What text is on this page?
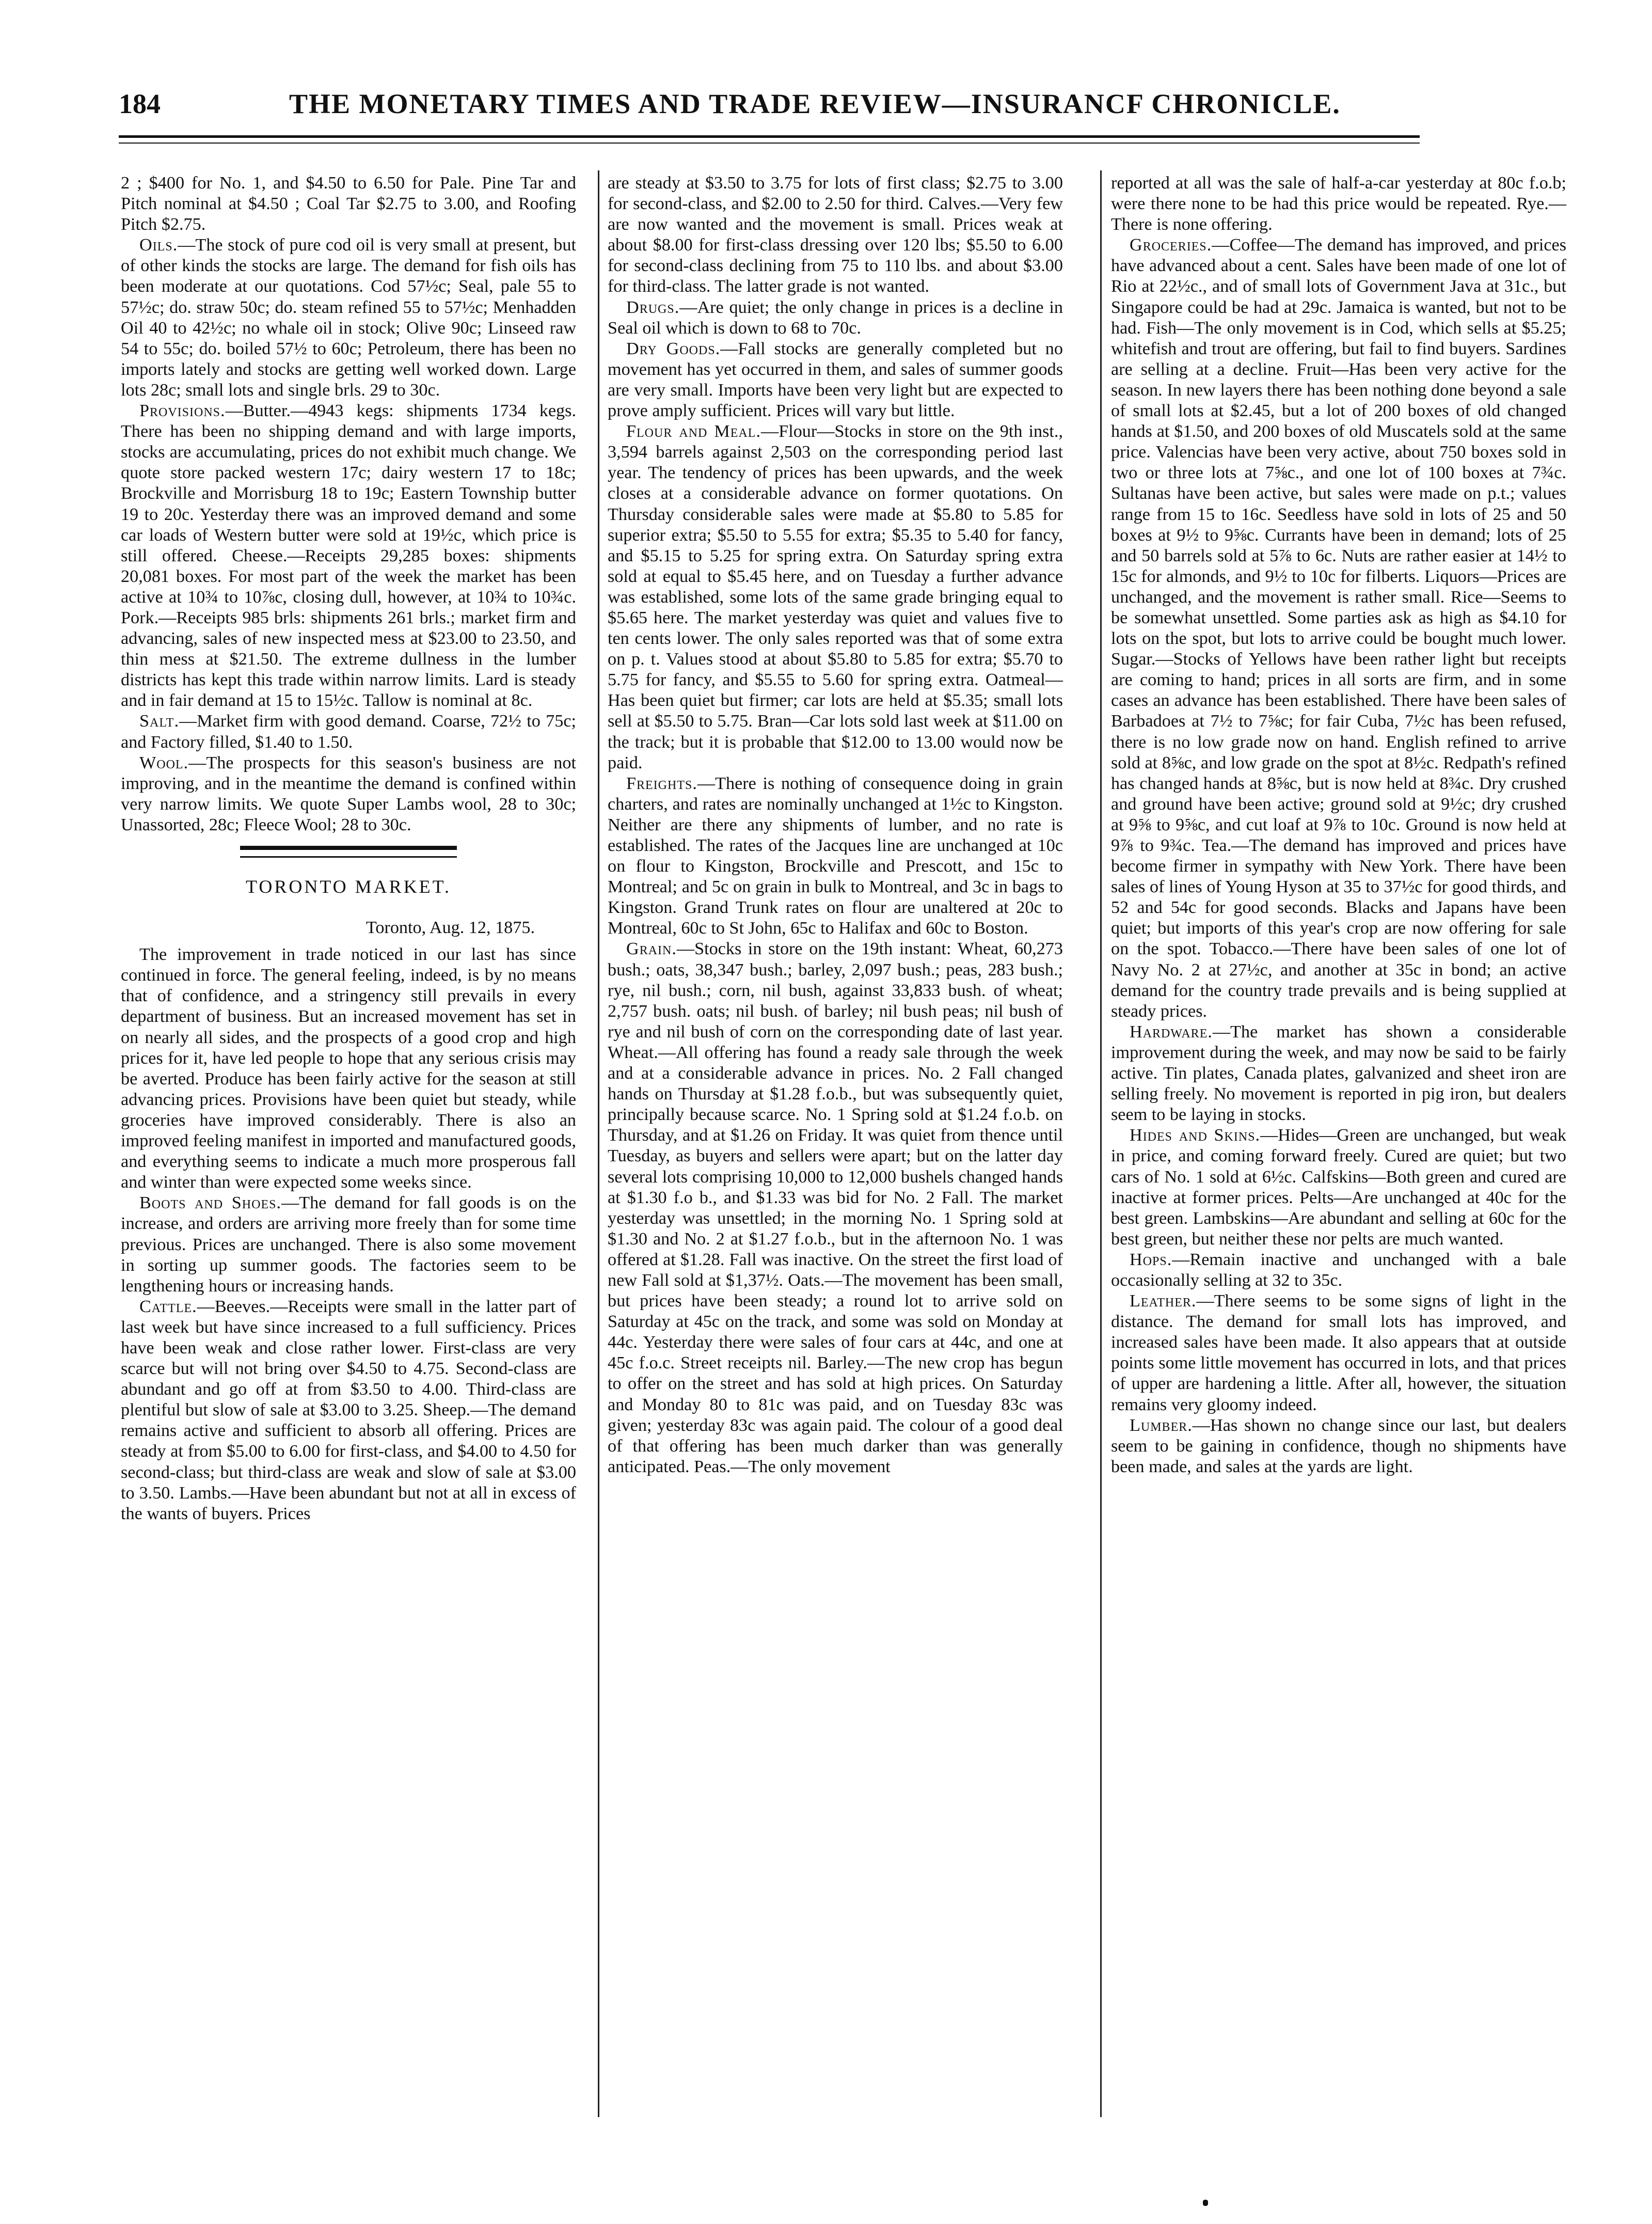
184	THE MONETARY TIMES AND TRADE REVIEW—INSURANCF CHRONICLE.

2 ; $400 for No. 1, and $4.50 to 6.50 for Pale. Pine Tar and Pitch nominal at $4.50 ; Coal Tar $2.75 to 3.00, and Roofing Pitch $2.75.

Oils.—The stock of pure cod oil is very small at present, but of other kinds the stocks are large. The demand for fish oils has been moderate at our quotations. Cod 57½c; Seal, pale 55 to 57½c; do. straw 50c; do. steam refined 55 to 57½c; Menhadden Oil 40 to 42½c; no whale oil in stock; Olive 90c; Linseed raw 54 to 55c; do. boiled 57½ to 60c; Petroleum, there has been no imports lately and stocks are getting well worked down. Large lots 28c; small lots and single brls. 29 to 30c.

Provisions.—Butter.—4943 kegs: shipments 1734 kegs. There has been no shipping demand and with large imports, stocks are accumulating, prices do not exhibit much change. We quote store packed western 17c; dairy western 17 to 18c; Brockville and Morrisburg 18 to 19c; Eastern Township butter 19 to 20c. Yesterday there was an improved demand and some car loads of Western butter were sold at 19½c, which price is still offered. Cheese.—Receipts 29,285 boxes: shipments 20,081 boxes. For most part of the week the market has been active at 10¾ to 10⅞c, closing dull, however, at 10¾ to 10¾c. Pork.—Receipts 985 brls: shipments 261 brls.; market firm and advancing, sales of new inspected mess at $23.00 to 23.50, and thin mess at $21.50. The extreme dullness in the lumber districts has kept this trade within narrow limits. Lard is steady and in fair demand at 15 to 15½c. Tallow is nominal at 8c.

Salt.—Market firm with good demand. Coarse, 72½ to 75c; and Factory filled, $1.40 to 1.50.

Wool.—The prospects for this season's business are not improving, and in the meantime the demand is confined within very narrow limits. We quote Super Lambs wool, 28 to 30c; Unassorted, 28c; Fleece Wool; 28 to 30c.

TORONTO MARKET.

Toronto, Aug. 12, 1875.

The improvement in trade noticed in our last has since continued in force. The general feeling, indeed, is by no means that of confidence, and a stringency still prevails in every department of business. But an increased movement has set in on nearly all sides, and the prospects of a good crop and high prices for it, have led people to hope that any serious crisis may be averted. Produce has been fairly active for the season at still advancing prices. Provisions have been quiet but steady, while groceries have improved considerably. There is also an improved feeling manifest in imported and manufactured goods, and everything seems to indicate a much more prosperous fall and winter than were expected some weeks since.

Boots and Shoes.—The demand for fall goods is on the increase, and orders are arriving more freely than for some time previous. Prices are unchanged. There is also some movement in sorting up summer goods. The factories seem to be lengthening hours or increasing hands.

Cattle.—Beeves.—Receipts were small in the latter part of last week but have since increased to a full sufficiency. Prices have been weak and close rather lower. First-class are very scarce but will not bring over $4.50 to 4.75. Second-class are abundant and go off at from $3.50 to 4.00. Third-class are plentiful but slow of sale at $3.00 to 3.25. Sheep.—The demand remains active and sufficient to absorb all offering. Prices are steady at from $5.00 to 6.00 for first-class, and $4.00 to 4.50 for second-class; but third-class are weak and slow of sale at $3.00 to 3.50. Lambs.—Have been abundant but not at all in excess of the wants of buyers. Prices

are steady at $3.50 to 3.75 for lots of first class; $2.75 to 3.00 for second-class, and $2.00 to 2.50 for third. Calves.—Very few are now wanted and the movement is small. Prices weak at about $8.00 for first-class dressing over 120 lbs; $5.50 to 6.00 for second-class declining from 75 to 110 lbs. and about $3.00 for third-class. The latter grade is not wanted.

Drugs.—Are quiet; the only change in prices is a decline in Seal oil which is down to 68 to 70c.

Dry Goods.—Fall stocks are generally completed but no movement has yet occurred in them, and sales of summer goods are very small. Imports have been very light but are expected to prove amply sufficient. Prices will vary but little.

Flour and Meal.—Flour—Stocks in store on the 9th inst., 3,594 barrels against 2,503 on the corresponding period last year. The tendency of prices has been upwards, and the week closes at a considerable advance on former quotations. On Thursday considerable sales were made at $5.80 to 5.85 for superior extra; $5.50 to 5.55 for extra; $5.35 to 5.40 for fancy, and $5.15 to 5.25 for spring extra. On Saturday spring extra sold at equal to $5.45 here, and on Tuesday a further advance was established, some lots of the same grade bringing equal to $5.65 here. The market yesterday was quiet and values five to ten cents lower. The only sales reported was that of some extra on p. t. Values stood at about $5.80 to 5.85 for extra; $5.70 to 5.75 for fancy, and $5.55 to 5.60 for spring extra. Oatmeal—Has been quiet but firmer; car lots are held at $5.35; small lots sell at $5.50 to 5.75. Bran—Car lots sold last week at $11.00 on the track; but it is probable that $12.00 to 13.00 would now be paid.

Freights.—There is nothing of consequence doing in grain charters, and rates are nominally unchanged at 1½c to Kingston. Neither are there any shipments of lumber, and no rate is established. The rates of the Jacques line are unchanged at 10c on flour to Kingston, Brockville and Prescott, and 15c to Montreal; and 5c on grain in bulk to Montreal, and 3c in bags to Kingston. Grand Trunk rates on flour are unaltered at 20c to Montreal, 60c to St John, 65c to Halifax and 60c to Boston.

Grain.—Stocks in store on the 19th instant: Wheat, 60,273 bush.; oats, 38,347 bush.; barley, 2,097 bush.; peas, 283 bush.; rye, nil bush.; corn, nil bush, against 33,833 bush. of wheat; 2,757 bush. oats; nil bush. of barley; nil bush peas; nil bush of rye and nil bush of corn on the corresponding date of last year. Wheat.—All offering has found a ready sale through the week and at a considerable advance in prices. No. 2 Fall changed hands on Thursday at $1.28 f.o.b., but was subsequently quiet, principally because scarce. No. 1 Spring sold at $1.24 f.o.b. on Thursday, and at $1.26 on Friday. It was quiet from thence until Tuesday, as buyers and sellers were apart; but on the latter day several lots comprising 10,000 to 12,000 bushels changed hands at $1.30 f.o b., and $1.33 was bid for No. 2 Fall. The market yesterday was unsettled; in the morning No. 1 Spring sold at $1.30 and No. 2 at $1.27 f.o.b., but in the afternoon No. 1 was offered at $1.28. Fall was inactive. On the street the first load of new Fall sold at $1,37½. Oats.—The movement has been small, but prices have been steady; a round lot to arrive sold on Saturday at 45c on the track, and some was sold on Monday at 44c. Yesterday there were sales of four cars at 44c, and one at 45c f.o.c. Street receipts nil. Barley.—The new crop has begun to offer on the street and has sold at high prices. On Saturday and Monday 80 to 81c was paid, and on Tuesday 83c was given; yesterday 83c was again paid. The colour of a good deal of that offering has been much darker than was generally anticipated. Peas.—The only movement

reported at all was the sale of half-a-car yesterday at 80c f.o.b; were there none to be had this price would be repeated. Rye.—There is none offering.

Groceries.—Coffee—The demand has improved, and prices have advanced about a cent. Sales have been made of one lot of Rio at 22½c., and of small lots of Government Java at 31c., but Singapore could be had at 29c. Jamaica is wanted, but not to be had. Fish—The only movement is in Cod, which sells at $5.25; whitefish and trout are offering, but fail to find buyers. Sardines are selling at a decline. Fruit—Has been very active for the season. In new layers there has been nothing done beyond a sale of small lots at $2.45, but a lot of 200 boxes of old changed hands at $1.50, and 200 boxes of old Muscatels sold at the same price. Valencias have been very active, about 750 boxes sold in two or three lots at 7⅝c., and one lot of 100 boxes at 7¾c. Sultanas have been active, but sales were made on p.t.; values range from 15 to 16c. Seedless have sold in lots of 25 and 50 boxes at 9½ to 9⅝c. Currants have been in demand; lots of 25 and 50 barrels sold at 5⅞ to 6c. Nuts are rather easier at 14½ to 15c for almonds, and 9½ to 10c for filberts. Liquors—Prices are unchanged, and the movement is rather small. Rice—Seems to be somewhat unsettled. Some parties ask as high as $4.10 for lots on the spot, but lots to arrive could be bought much lower. Sugar.—Stocks of Yellows have been rather light but receipts are coming to hand; prices in all sorts are firm, and in some cases an advance has been established. There have been sales of Barbadoes at 7½ to 7⅝c; for fair Cuba, 7½c has been refused, there is no low grade now on hand. English refined to arrive sold at 8⅝c, and low grade on the spot at 8½c. Redpath's refined has changed hands at 8⅝c, but is now held at 8¾c. Dry crushed and ground have been active; ground sold at 9½c; dry crushed at 9⅝ to 9⅝c, and cut loaf at 9⅞ to 10c. Ground is now held at 9⅞ to 9¾c. Tea.—The demand has improved and prices have become firmer in sympathy with New York. There have been sales of lines of Young Hyson at 35 to 37½c for good thirds, and 52 and 54c for good seconds. Blacks and Japans have been quiet; but imports of this year's crop are now offering for sale on the spot. Tobacco.—There have been sales of one lot of Navy No. 2 at 27½c, and another at 35c in bond; an active demand for the country trade prevails and is being supplied at steady prices.

Hardware.—The market has shown a considerable improvement during the week, and may now be said to be fairly active. Tin plates, Canada plates, galvanized and sheet iron are selling freely. No movement is reported in pig iron, but dealers seem to be laying in stocks.

Hides and Skins.—Hides—Green are unchanged, but weak in price, and coming forward freely. Cured are quiet; but two cars of No. 1 sold at 6½c. Calfskins—Both green and cured are inactive at former prices. Pelts—Are unchanged at 40c for the best green. Lambskins—Are abundant and selling at 60c for the best green, but neither these nor pelts are much wanted.

Hops.—Remain inactive and unchanged with a bale occasionally selling at 32 to 35c.

Leather.—There seems to be some signs of light in the distance. The demand for small lots has improved, and increased sales have been made. It also appears that at outside points some little movement has occurred in lots, and that prices of upper are hardening a little. After all, however, the situation remains very gloomy indeed.

Lumber.—Has shown no change since our last, but dealers seem to be gaining in confidence, though no shipments have been made, and sales at the yards are light.
